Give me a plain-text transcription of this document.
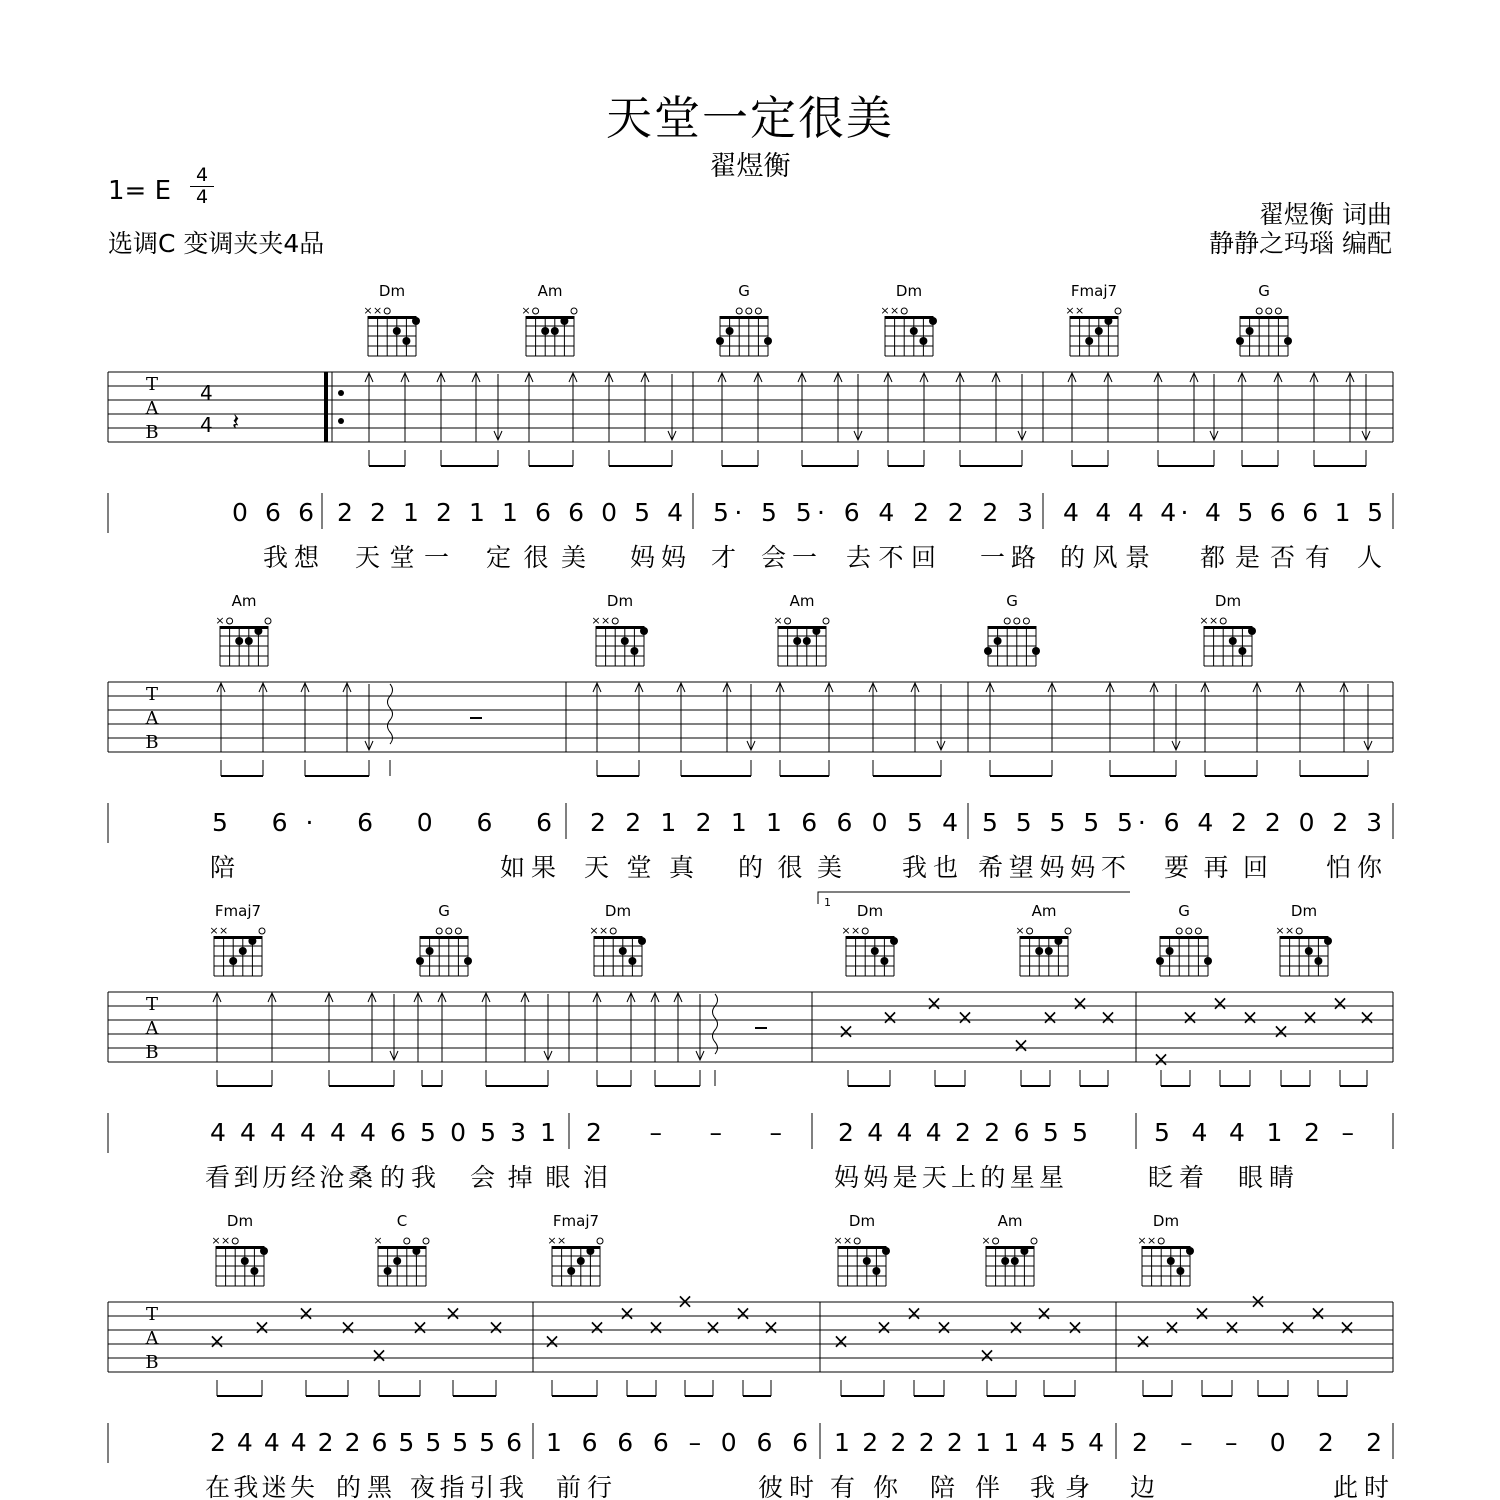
天堂一定很美
翟煜衡
1= E
4
4
选调C 变调夹夹4品
翟煜衡 词曲
静静之玛瑙 编配
Dm
× ×
Am
×
G	Dm
× ×
Fmaj7
× ×
G
T
A
B
4
4 𝄽
0 6 6 2 2 1 2 1 1 6 6 0 5 4 5· 5 5· 6 4 2 2 2 3 4 4 4 4· 4 5 6 6 1 5
我想 天堂一 定很美 妈妈 才 会一 去不回 一路 的风景 都是否有 人
Am
×
Dm
× ×
Am
×
G	Dm
× ×
T
A
B
5 6· 6 0 6 6 2 2 1 2 1 1 6 6 0 5 4 5 5 5 5 5· 6 4 2 2 0 2 3
陪	如果 天堂真 的很美 我也 希望妈妈不 要再回 怕你
1
Fmaj7
× ×
G	Dm
× ×
Dm
× ×
Am
×
G	Dm
× ×
T
A
B
×
×
×
×
×
×
×
×
×
×
×
×
×
×
×
×
4 4 4 4 4 4 6 5 0 5 3 1 2 – – – 2 4 4 4 2 2 6 5 5	5 4 4 1 2 –
看到历经沧桑 的我 会掉眼泪	妈妈是天上的星星	眨着 眼睛
Dm
× ×
C
×
Fmaj7
× ×
Dm
× ×
Am
×
Dm
× ×
T
A
B
×
×
×
×
×
×
×
×
×
×
×
×
×
×
×
×
×
×
×
×
×
×
×
×
×
×
×
×
×
×
×
×
2 4 4 4 2 2 6 5 5 5 5 6 1 6 6 6 – 0 6 6 1 2 2 2 2 1 1 4 5 4 2 – – 0 2 2
在我迷失 的黑 夜指引我 前行	彼时 有你 陪伴 我身 边	此时
